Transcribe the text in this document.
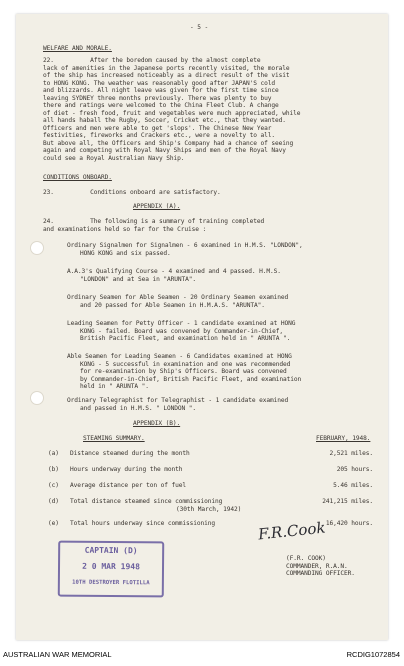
- 5 -
WELFARE AND MORALE.
22.          After the boredom caused by the almost complete
lack of amenities in the Japanese ports recently visited, the morale
of the ship has increased noticeably as a direct result of the visit
to HONG KONG. The weather was reasonably good after JAPAN'S cold
and blizzards. All night leave was given for the first time since
leaving SYDNEY three months previously. There was plenty to buy
there and ratings were welcomed to the China Fleet Club. A change
of diet - fresh food, fruit and vegetables were much appreciated, while
all hands haball the Rugby, Soccer, Cricket etc., that they wanted.
Officers and men were able to get 'slops'. The Chinese New Year
festivities, fireworks and Crackers etc., were a novelty to all.
But above all, the Officers and Ship's Company had a chance of seeing
again and competing with Royal Navy Ships and men of the Royal Navy
could see a Royal Australian Navy Ship.
CONDITIONS ONBOARD.
23.          Conditions onboard are satisfactory.
APPENDIX (A).
24.          The following is a summary of training completed
and examinations held so far for the Cruise :
Ordinary Signalmen for Signalmen - 6 examined in H.M.S. "LONDON",
HONG KONG and six passed.
A.A.3's Qualifying Course - 4 examined and 4 passed. H.M.S.
"LONDON" and at Sea in "ARUNTA".
Ordinary Seamen for Able Seamen - 20 Ordinary Seamen examined
and 20 passed for Able Seamen in H.M.A.S. "ARUNTA".
Leading Seamen for Petty Officer - 1 candidate examined at HONG
KONG - failed. Board was convened by Commander-in-Chief,
British Pacific Fleet, and examination held in " ARUNTA ".
Able Seamen for Leading Seamen - 6 Candidates examined at HONG
KONG - 5 successful in examination and one was recommended
for re-examination by Ship's Officers. Board was convened
by Commander-in-Chief, British Pacific Fleet, and examination
held in " ARUNTA ".
Ordinary Telegraphist for Telegraphist - 1 candidate examined
and passed in H.M.S. " LONDON ".
APPENDIX (B).
STEAMING SUMMARY.	FEBRUARY, 1948.
(a) Distance steamed during the month	2,521 miles.
(b) Hours underway during the month	205 hours.
(c) Average distance per ton of fuel	5.46 miles.
(d) Total distance steamed since commissioning
(30th March, 1942)
241,215 miles.
(e) Total hours underway since commissioning	16,420 hours.
(F.R. COOK)
COMMANDER, R.A.N.
COMMANDING OFFICER.
CAPTAIN (D)
2 0 MAR 1948
10TH DESTROYER FLOTILLA
F.R.Cook
AUSTRALIAN WAR MEMORIAL	RCDIG1072854
